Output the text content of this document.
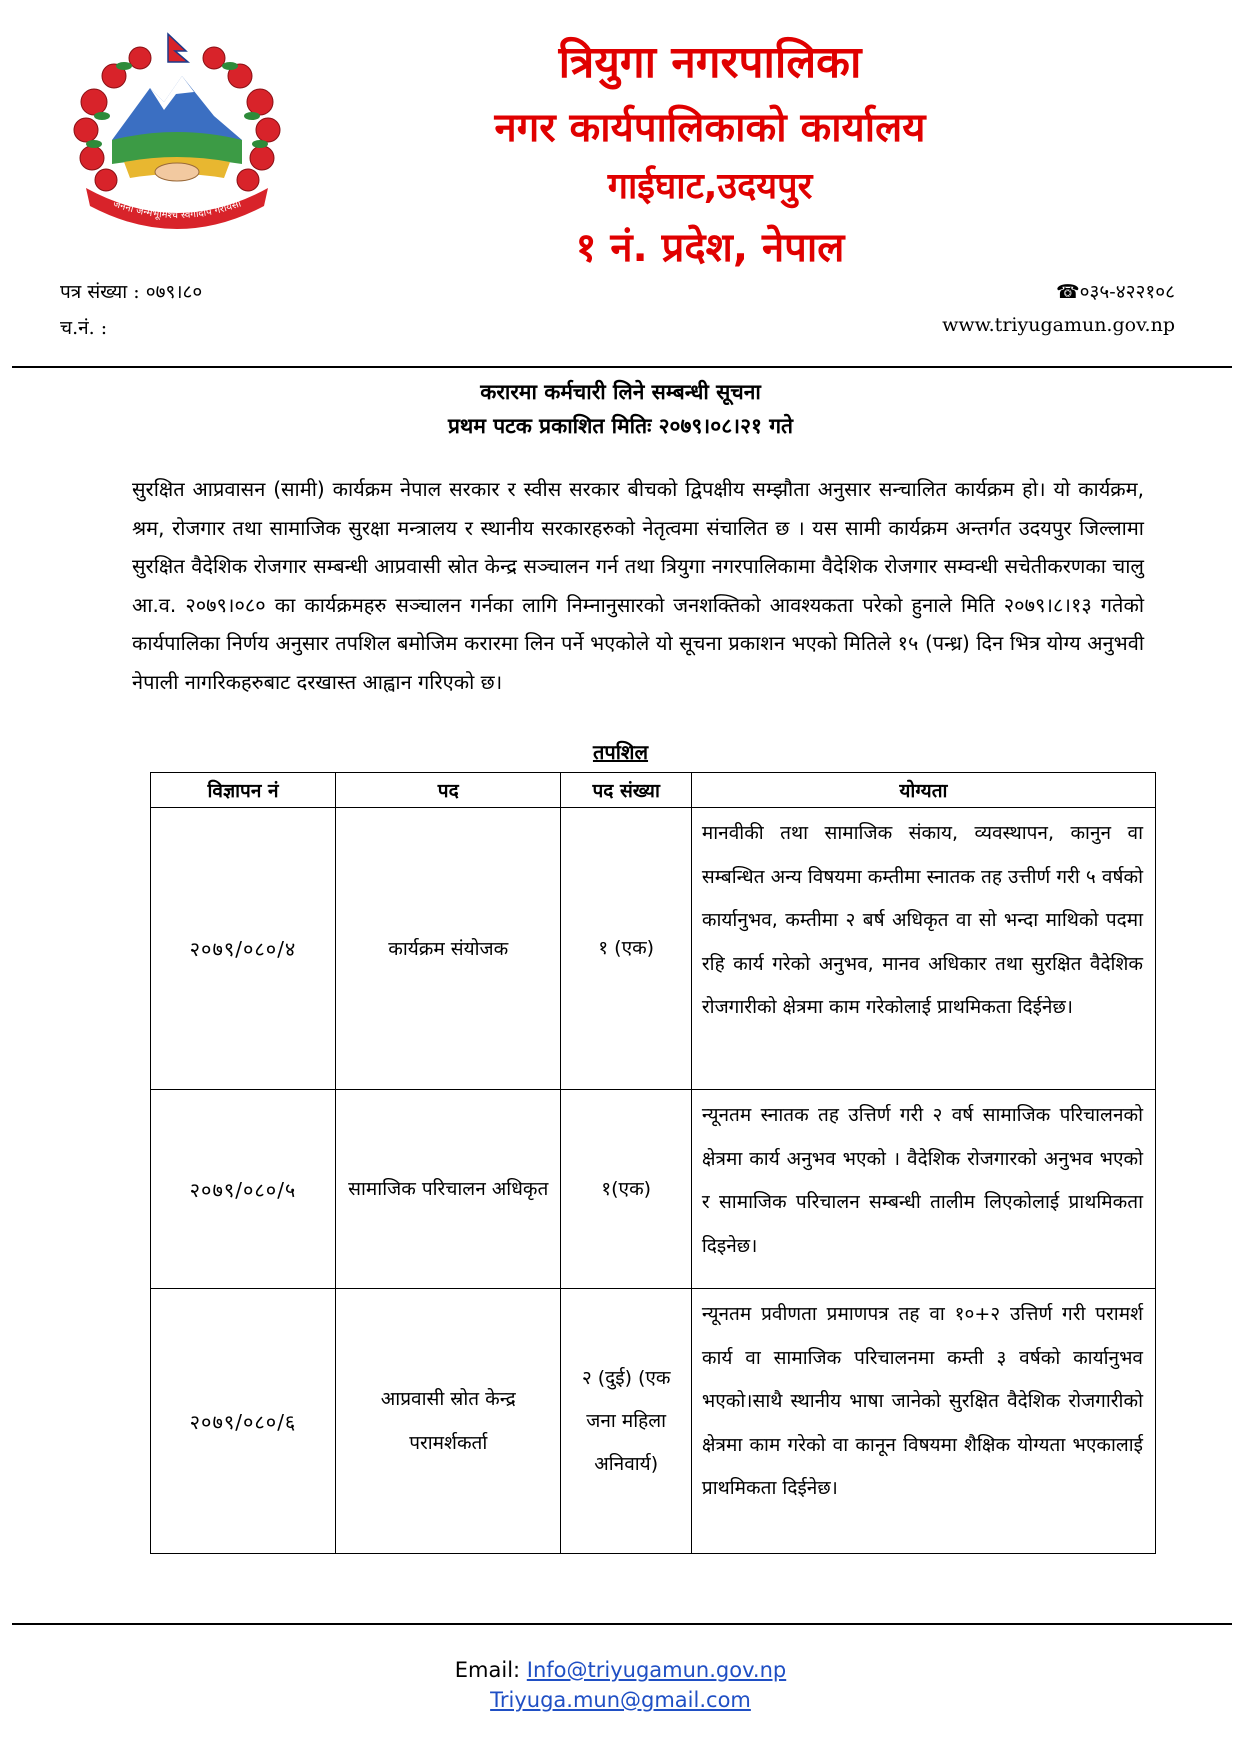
जननी जन्मभूमिश्च स्वर्गादपि गरीयसी
त्रियुगा नगरपालिका
नगर कार्यपालिकाको कार्यालय
गाईघाट,उदयपुर
१ नं. प्रदेश, नेपाल
पत्र संख्या : ०७९।८०
च.नं. :
☎०३५-४२२१०८
www.triyugamun.gov.np
करारमा कर्मचारी लिने सम्बन्धी सूचना
प्रथम पटक प्रकाशित मितिः २०७९।०८।२१ गते
सुरक्षित आप्रवासन (सामी) कार्यक्रम नेपाल सरकार र स्वीस सरकार बीचको द्विपक्षीय सम्झौता अनुसार सन्चालित कार्यक्रम हो। यो कार्यक्रम, श्रम, रोजगार तथा सामाजिक सुरक्षा मन्त्रालय र स्थानीय सरकारहरुको नेतृत्वमा संचालित छ । यस सामी कार्यक्रम अन्तर्गत उदयपुर जिल्लामा सुरक्षित वैदेशिक रोजगार सम्बन्धी आप्रवासी स्रोत केन्द्र सञ्चालन गर्न तथा त्रियुगा नगरपालिकामा वैदेशिक रोजगार सम्वन्धी सचेतीकरणका चालु आ.व. २०७९।०८० का कार्यक्रमहरु सञ्चालन गर्नका लागि निम्नानुसारको जनशक्तिको आवश्यकता परेको हुनाले मिति २०७९।८।१३ गतेको कार्यपालिका निर्णय अनुसार तपशिल बमोजिम करारमा लिन पर्ने भएकोले यो सूचना प्रकाशन भएको मितिले १५ (पन्ध्र) दिन भित्र योग्य अनुभवी नेपाली नागरिकहरुबाट दरखास्त आह्वान गरिएको छ।
तपशिल
विज्ञापन नं	पद	पद संख्या	योग्यता
२०७९/०८०/४	कार्यक्रम संयोजक	१ (एक)	मानवीकी तथा सामाजिक संकाय, व्यवस्थापन, कानुन वा सम्बन्धित अन्य विषयमा कम्तीमा स्नातक तह उत्तीर्ण गरी ५ वर्षको कार्यानुभव, कम्तीमा २ बर्ष अधिकृत वा सो भन्दा माथिको पदमा रहि कार्य गरेको अनुभव, मानव अधिकार तथा सुरक्षित वैदेशिक रोजगारीको क्षेत्रमा काम गरेकोलाई प्राथमिकता दिईनेछ।
२०७९/०८०/५	सामाजिक परिचालन अधिकृत	१(एक)	न्यूनतम स्नातक तह उत्तिर्ण गरी २ वर्ष सामाजिक परिचालनको क्षेत्रमा कार्य अनुभव भएको । वैदेशिक रोजगारको अनुभव भएको र सामाजिक परिचालन सम्बन्धी तालीम लिएकोलाई प्राथमिकता दिइनेछ।
२०७९/०८०/६	आप्रवासी स्रोत केन्द्र परामर्शकर्ता	२ (दुई) (एक जना महिला अनिवार्य)	न्यूनतम प्रवीणता प्रमाणपत्र तह वा १०+२ उत्तिर्ण गरी परामर्श कार्य वा सामाजिक परिचालनमा कम्ती ३ वर्षको कार्यानुभव भएको।साथै स्थानीय भाषा जानेको सुरक्षित वैदेशिक रोजगारीको क्षेत्रमा काम गरेको वा कानून विषयमा शैक्षिक योग्यता भएकालाई प्राथमिकता दिईनेछ।
Email: Info@triyugamun.gov.np
Triyuga.mun@gmail.com
